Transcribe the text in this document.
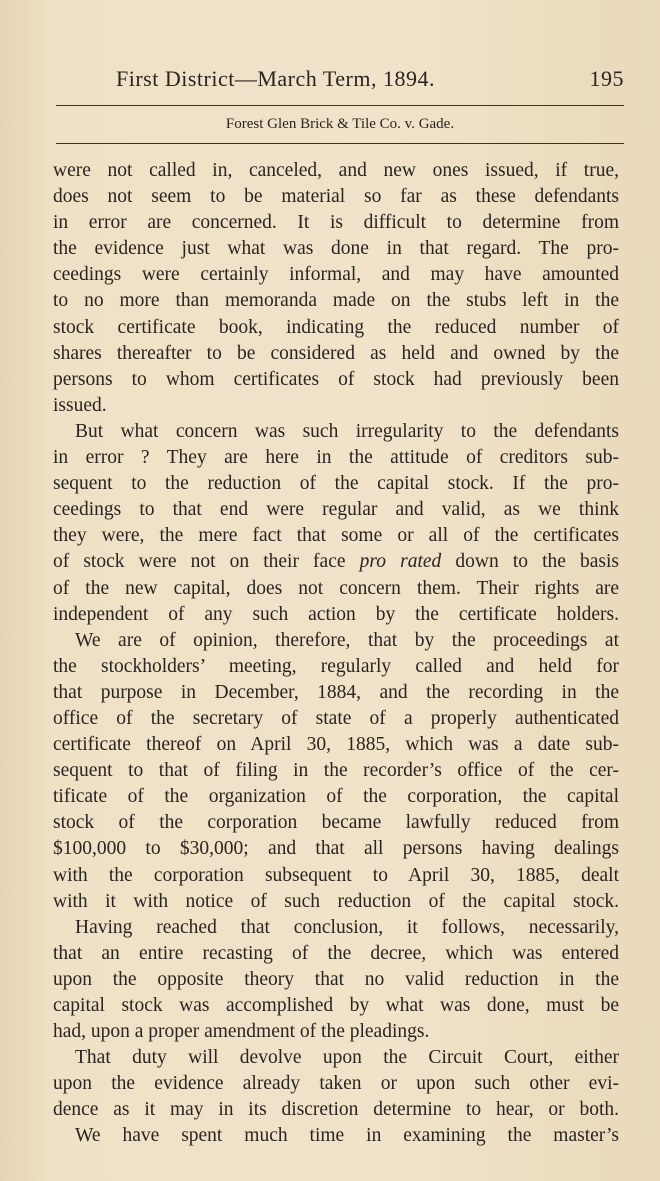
First District—March Term, 1894.	195
Forest Glen Brick & Tile Co. v. Gade.
were not called in, canceled, and new ones issued, if true,
does not seem to be material so far as these defendants
in error are concerned. It is difficult to determine from
the evidence just what was done in that regard. The pro-
ceedings were certainly informal, and may have amounted
to no more than memoranda made on the stubs left in the
stock certificate book, indicating the reduced number of
shares thereafter to be considered as held and owned by the
persons to whom certificates of stock had previously been
issued.
But what concern was such irregularity to the defendants
in error ? They are here in the attitude of creditors sub-
sequent to the reduction of the capital stock. If the pro-
ceedings to that end were regular and valid, as we think
they were, the mere fact that some or all of the certificates
of stock were not on their face pro rated down to the basis
of the new capital, does not concern them. Their rights are
independent of any such action by the certificate holders.
We are of opinion, therefore, that by the proceedings at
the stockholders’ meeting, regularly called and held for
that purpose in December, 1884, and the recording in the
office of the secretary of state of a properly authenticated
certificate thereof on April 30, 1885, which was a date sub-
sequent to that of filing in the recorder’s office of the cer-
tificate of the organization of the corporation, the capital
stock of the corporation became lawfully reduced from
$100,000 to $30,000; and that all persons having dealings
with the corporation subsequent to April 30, 1885, dealt
with it with notice of such reduction of the capital stock.
Having reached that conclusion, it follows, necessarily,
that an entire recasting of the decree, which was entered
upon the opposite theory that no valid reduction in the
capital stock was accomplished by what was done, must be
had, upon a proper amendment of the pleadings.
That duty will devolve upon the Circuit Court, either
upon the evidence already taken or upon such other evi-
dence as it may in its discretion determine to hear, or both.
We have spent much time in examining the master’s
